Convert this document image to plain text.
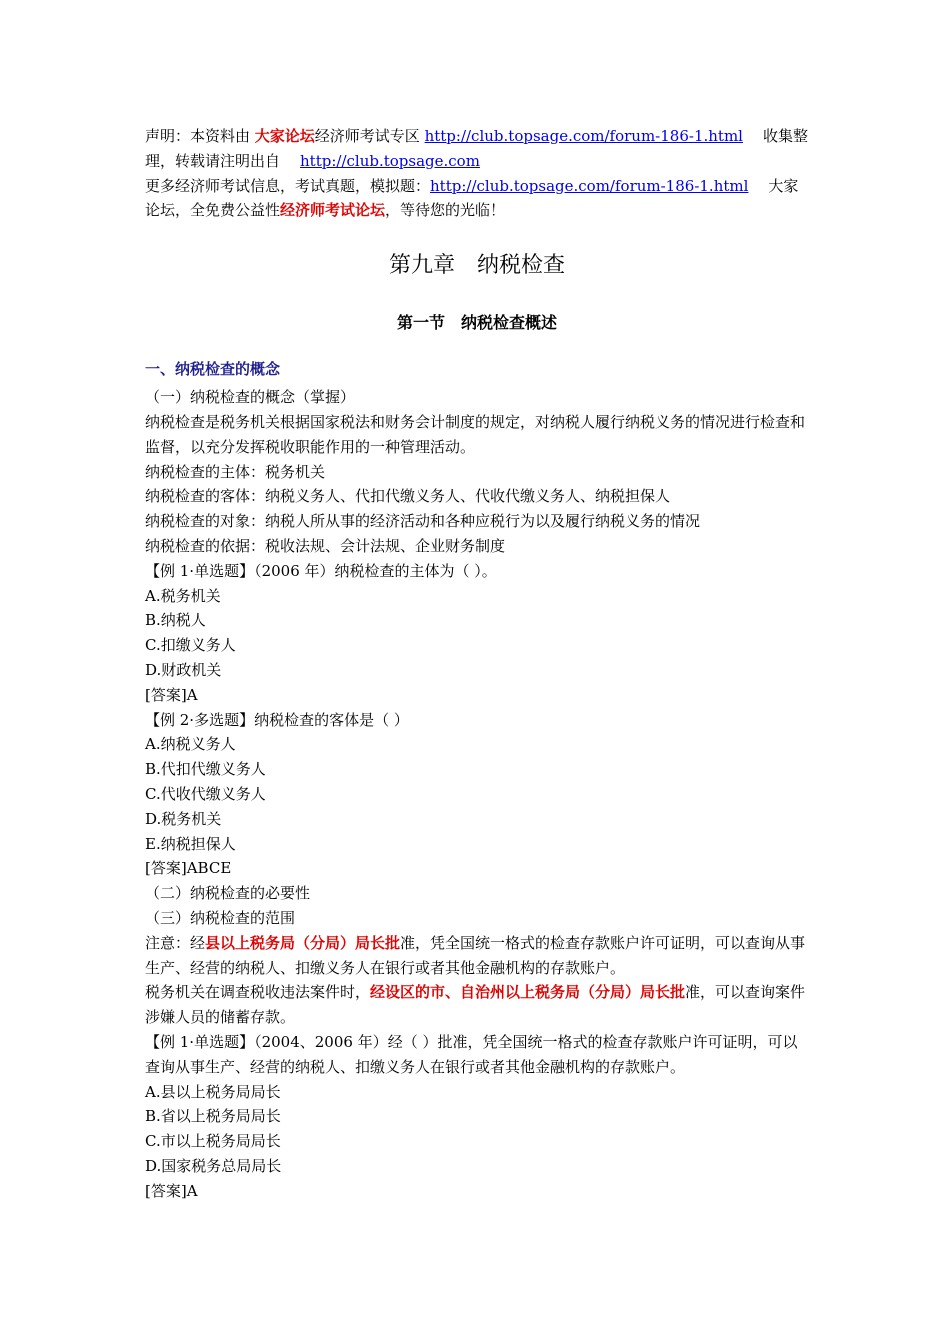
声明：本资料由 大家论坛经济师考试专区 http://club.topsage.com/forum-186-1.html 收集整理，转载请注明出自 http://club.topsage.com

更多经济师考试信息，考试真题，模拟题：http://club.topsage.com/forum-186-1.html 大家论坛，全免费公益性经济师考试论坛，等待您的光临！

第九章　纳税检查
第一节　纳税检查概述
一、纳税检查的概念

（一）纳税检查的概念（掌握）

纳税检查是税务机关根据国家税法和财务会计制度的规定，对纳税人履行纳税义务的情况进行检查和监督，以充分发挥税收职能作用的一种管理活动。

纳税检查的主体：税务机关

纳税检查的客体：纳税义务人、代扣代缴义务人、代收代缴义务人、纳税担保人

纳税检查的对象：纳税人所从事的经济活动和各种应税行为以及履行纳税义务的情况

纳税检查的依据：税收法规、会计法规、企业财务制度

【例 1·单选题】（2006 年）纳税检查的主体为（ ）。

A.税务机关

B.纳税人

C.扣缴义务人

D.财政机关

[答案]A

【例 2·多选题】纳税检查的客体是（ ）

A.纳税义务人

B.代扣代缴义务人

C.代收代缴义务人

D.税务机关

E.纳税担保人

[答案]ABCE

（二）纳税检查的必要性

（三）纳税检查的范围

注意：经县以上税务局（分局）局长批准，凭全国统一格式的检查存款账户许可证明，可以查询从事生产、经营的纳税人、扣缴义务人在银行或者其他金融机构的存款账户。

税务机关在调查税收违法案件时，经设区的市、自治州以上税务局（分局）局长批准，可以查询案件涉嫌人员的储蓄存款。

【例 1·单选题】（2004、2006 年）经（ ）批准，凭全国统一格式的检查存款账户许可证明，可以查询从事生产、经营的纳税人、扣缴义务人在银行或者其他金融机构的存款账户。

A.县以上税务局局长

B.省以上税务局局长

C.市以上税务局局长

D.国家税务总局局长

[答案]A
